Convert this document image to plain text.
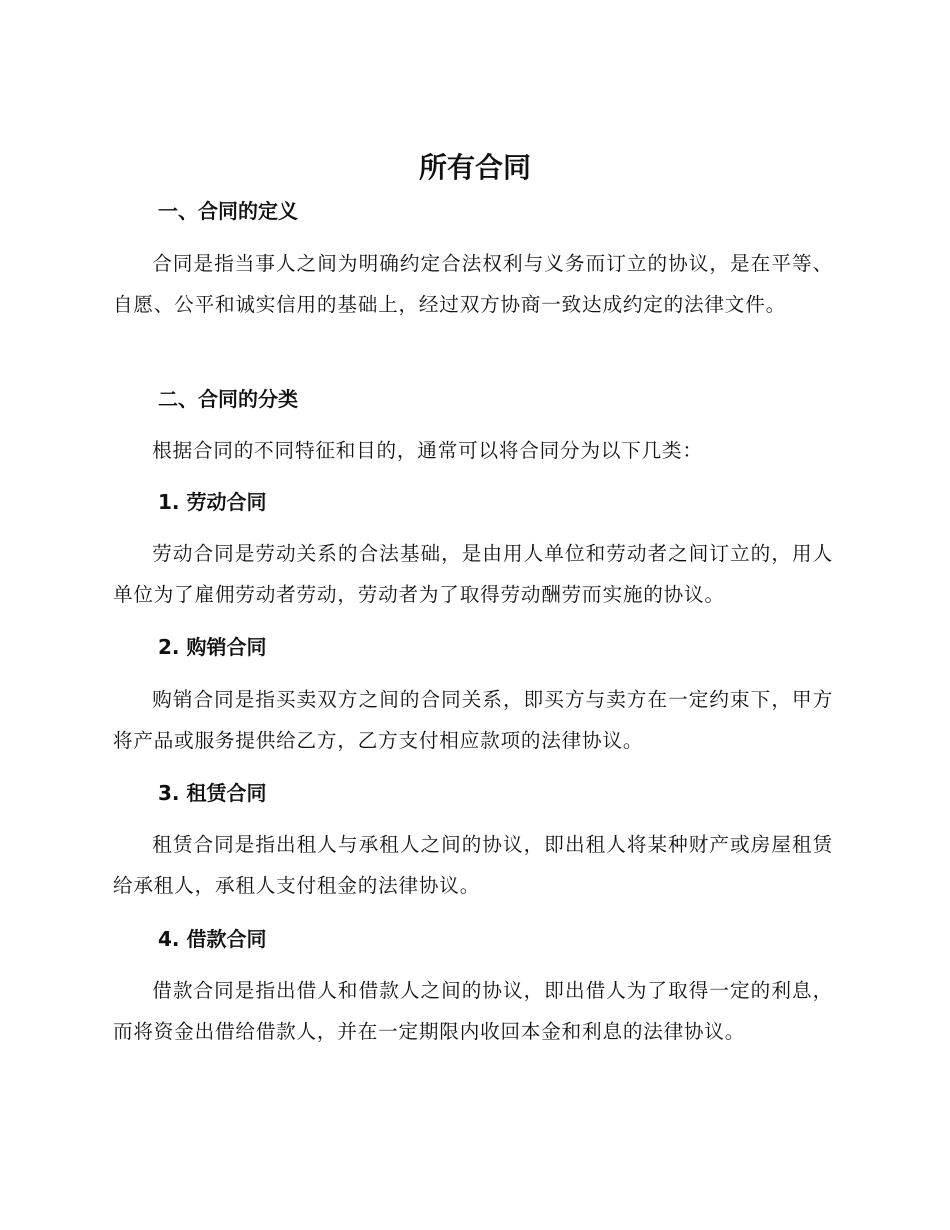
所有合同
一、合同的定义

合同是指当事人之间为明确约定合法权利与义务而订立的协议，是在平等、自愿、公平和诚实信用的基础上，经过双方协商一致达成约定的法律文件。

二、合同的分类

根据合同的不同特征和目的，通常可以将合同分为以下几类：

1. 劳动合同

劳动合同是劳动关系的合法基础，是由用人单位和劳动者之间订立的，用人单位为了雇佣劳动者劳动，劳动者为了取得劳动酬劳而实施的协议。

2. 购销合同

购销合同是指买卖双方之间的合同关系，即买方与卖方在一定约束下，甲方将产品或服务提供给乙方，乙方支付相应款项的法律协议。

3. 租赁合同

租赁合同是指出租人与承租人之间的协议，即出租人将某种财产或房屋租赁给承租人，承租人支付租金的法律协议。

4. 借款合同

借款合同是指出借人和借款人之间的协议，即出借人为了取得一定的利息，而将资金出借给借款人，并在一定期限内收回本金和利息的法律协议。
